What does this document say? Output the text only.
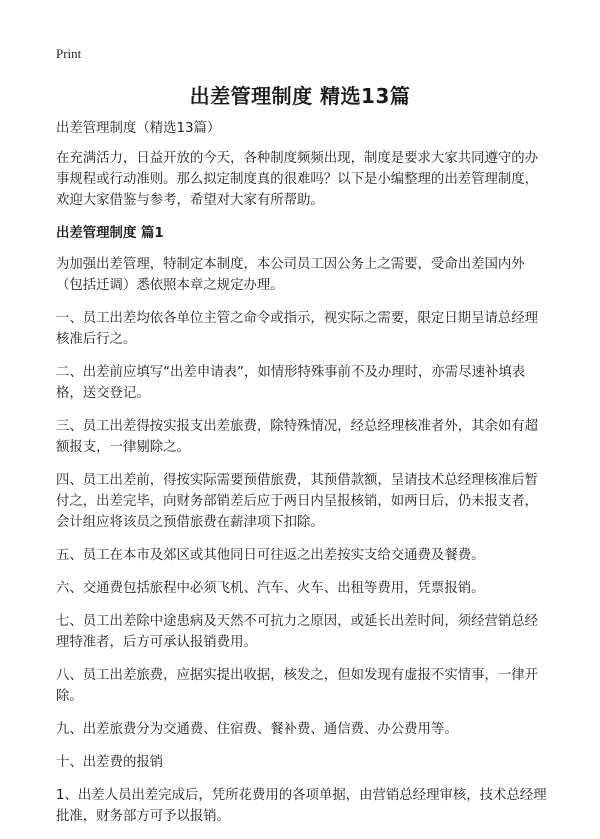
Print
出差管理制度 精选13篇

出差管理制度（精选13篇）

在充满活力，日益开放的今天，各种制度频频出现，制度是要求大家共同遵守的办事规程或行动准则。那么拟定制度真的很难吗？以下是小编整理的出差管理制度，欢迎大家借鉴与参考，希望对大家有所帮助。

出差管理制度 篇1

为加强出差管理，特制定本制度，本公司员工因公务上之需要，受命出差国内外（包括迁调）悉依照本章之规定办理。

一、员工出差均依各单位主管之命令或指示，视实际之需要，限定日期呈请总经理核准后行之。

二、出差前应填写“出差申请表”，如情形特殊事前不及办理时，亦需尽速补填表格，送交登记。

三、员工出差得按实报支出差旅费，除特殊情况，经总经理核准者外，其余如有超额报支，一律剔除之。

四、员工出差前，得按实际需要预借旅费，其预借款额，呈请技术总经理核准后暂付之，出差完毕，向财务部销差后应于两日内呈报核销，如两日后，仍未报支者，会计组应将该员之预借旅费在薪津项下扣除。

五、员工在本市及郊区或其他同日可往返之出差按实支给交通费及餐费。

六、交通费包括旅程中必须飞机、汽车、火车、出租等费用，凭票报销。

七、员工出差除中途患病及天然不可抗力之原因，或延长出差时间，须经营销总经理特准者，后方可承认报销费用。

八、员工出差旅费，应据实提出收据，核发之，但如发现有虚报不实情事，一律开除。

九、出差旅费分为交通费、住宿费、餐补费、通信费、办公费用等。

十、出差费的报销

1、出差人员出差完成后，凭所花费用的各项单据，由营销总经理审核，技术总经理批准，财务部方可予以报销。
